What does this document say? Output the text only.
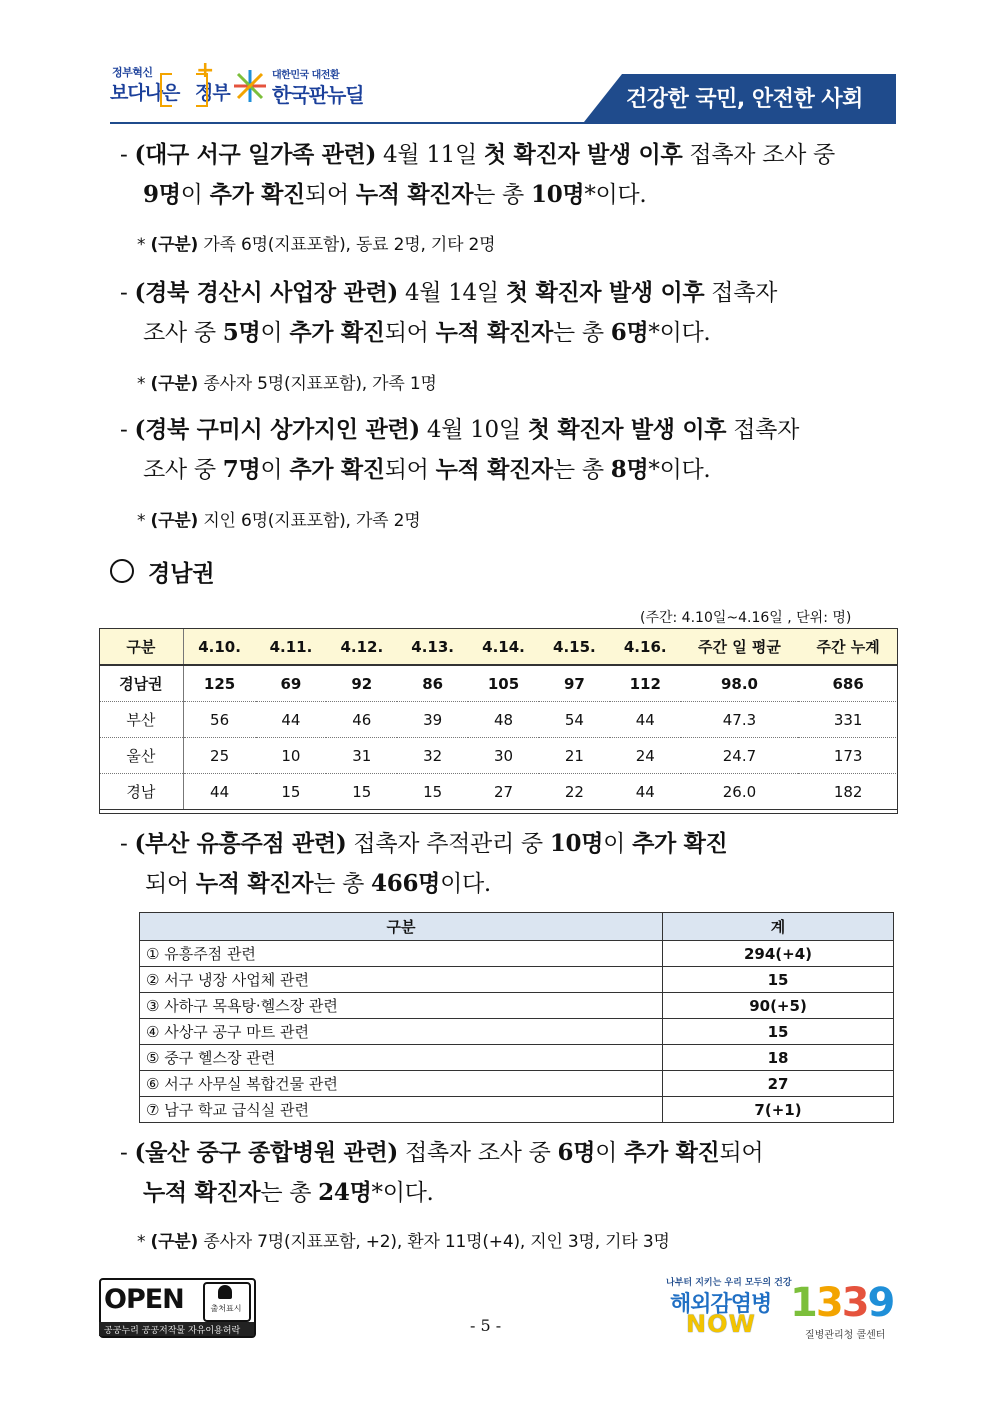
정부혁신
보다나은 정부
+	대한민국 대전환
한국판뉴딜	건강한 국민, 안전한 사회
- (대구 서구 일가족 관련) 4월 11일 첫 확진자 발생 이후 접촉자 조사 중
9명이 추가 확진되어 누적 확진자는 총 10명*이다.
* (구분) 가족 6명(지표포함), 동료 2명, 기타 2명
- (경북 경산시 사업장 관련) 4월 14일 첫 확진자 발생 이후 접촉자
조사 중 5명이 추가 확진되어 누적 확진자는 총 6명*이다.
* (구분) 종사자 5명(지표포함), 가족 1명
- (경북 구미시 상가지인 관련) 4월 10일 첫 확진자 발생 이후 접촉자
조사 중 7명이 추가 확진되어 누적 확진자는 총 8명*이다.
* (구분) 지인 6명(지표포함), 가족 2명
경남권
(주간: 4.10일~4.16일 , 단위: 명)
구분	4.10.	4.11.	4.12.	4.13.	4.14.	4.15.	4.16.	주간 일 평균	주간 누계
경남권	125	69	92	86	105	97	112	98.0	686
부산	56	44	46	39	48	54	44	47.3	331
울산	25	10	31	32	30	21	24	24.7	173
경남	44	15	15	15	27	22	44	26.0	182
- (부산 유흥주점 관련) 접촉자 추적관리 중 10명이 추가 확진
되어 누적 확진자는 총 466명이다.
구분	계
① 유흥주점 관련	294(+4)
② 서구 냉장 사업체 관련	15
③ 사하구 목욕탕·헬스장 관련	90(+5)
④ 사상구 공구 마트 관련	15
⑤ 중구 헬스장 관련	18
⑥ 서구 사무실 복합건물 관련	27
⑦ 남구 학교 급식실 관련	7(+1)
- (울산 중구 종합병원 관련) 접촉자 조사 중 6명이 추가 확진되어
누적 확진자는 총 24명*이다.
* (구분) 종사자 7명(지표포함, +2), 환자 11명(+4), 지인 3명, 기타 3명
OPEN	출처표시
공공누리 공공저작물 자유이용허락	- 5 -
나부터 지키는 우리 모두의 건강
해외감염병
NOW 1339
질병관리청 콜센터
